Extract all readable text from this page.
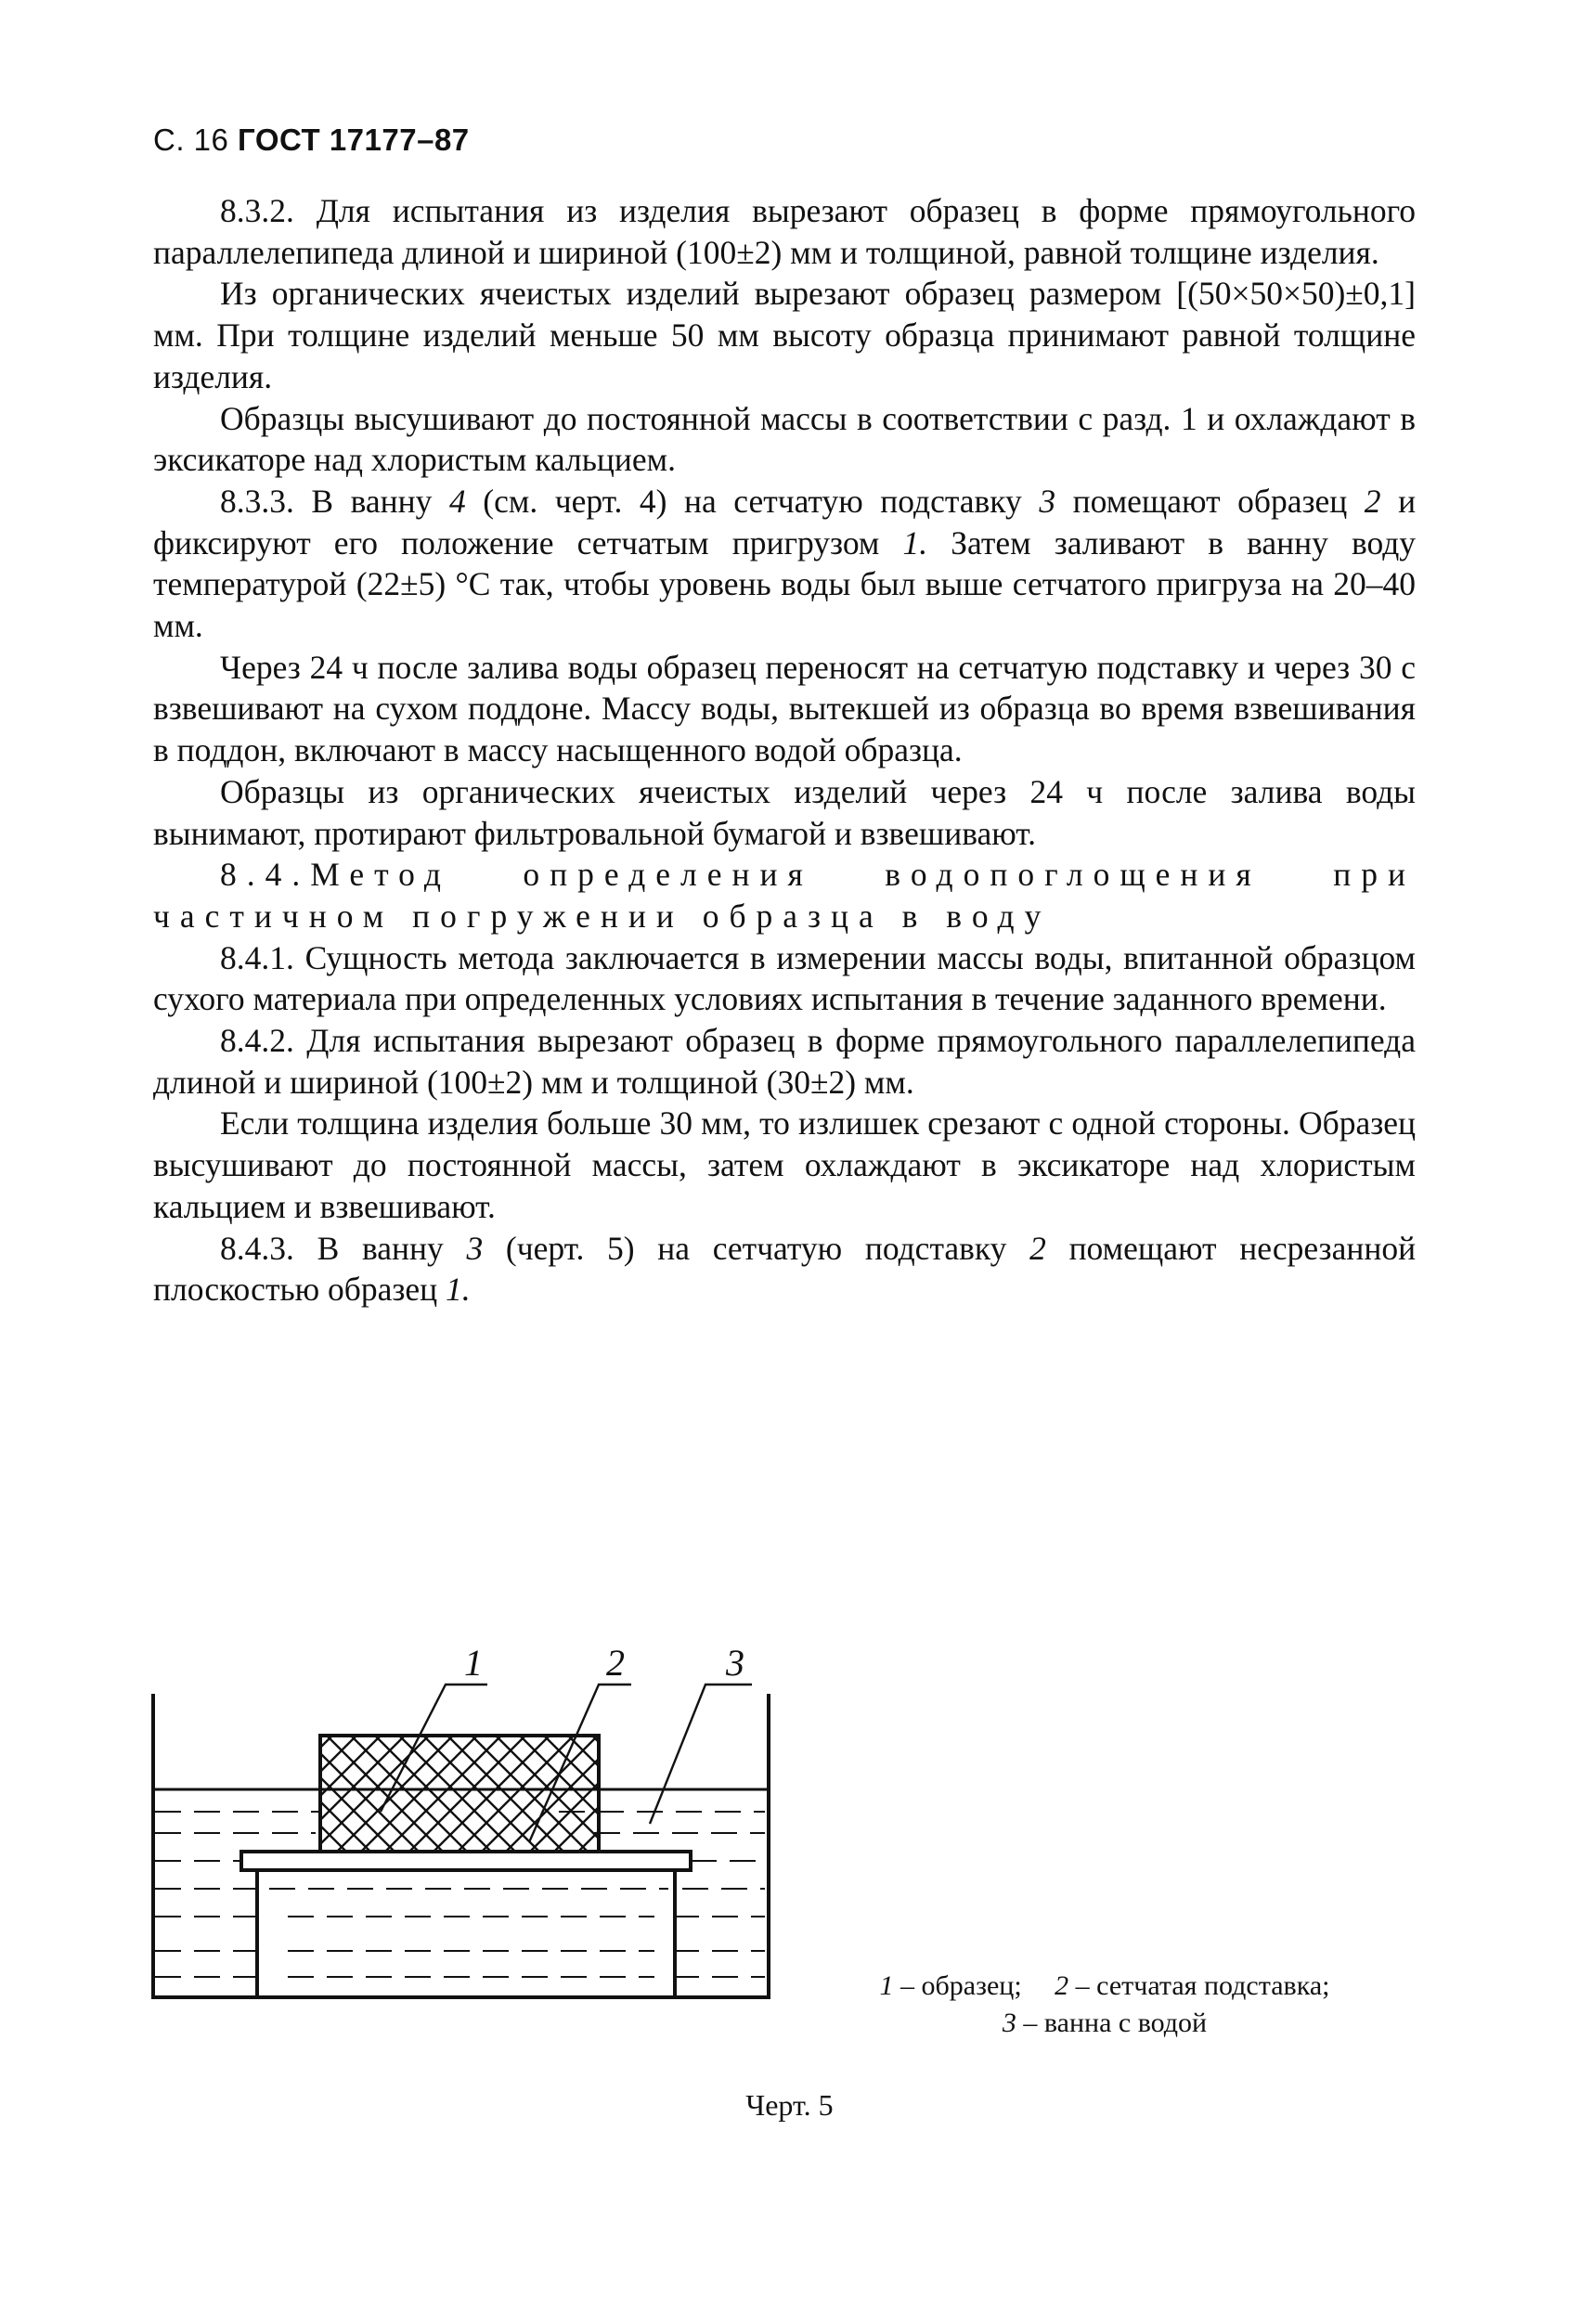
С. 16 ГОСТ 17177–87

8.3.2. Для испытания из изделия вырезают образец в форме прямоугольного параллелепипеда длиной и шириной (100±2) мм и толщиной, равной толщине изделия.

Из органических ячеистых изделий вырезают образец размером [(50×50×50)±0,1] мм. При толщине изделий меньше 50 мм высоту образца принимают равной толщине изделия.

Образцы высушивают до постоянной массы в соответствии с разд. 1 и охлаждают в эксикаторе над хлористым кальцием.

8.3.3. В ванну 4 (см. черт. 4) на сетчатую подставку 3 помещают образец 2 и фиксируют его положение сетчатым пригрузом 1. Затем заливают в ванну воду температурой (22±5) °С так, чтобы уровень воды был выше сетчатого пригруза на 20–40 мм.

Через 24 ч после залива воды образец переносят на сетчатую подставку и через 30 с взвешивают на сухом поддоне. Массу воды, вытекшей из образца во время взвешивания в поддон, включают в массу насыщенного водой образца.

Образцы из органических ячеистых изделий через 24 ч после залива воды вынимают, протирают фильтровальной бумагой и взвешивают.

8.4.Метод определения водопоглощения при частичном погружении образца в воду

8.4.1. Сущность метода заключается в измерении массы воды, впитанной образцом сухого материала при определенных условиях испытания в течение заданного времени.

8.4.2. Для испытания вырезают образец в форме прямоугольного параллелепипеда длиной и шириной (100±2) мм и толщиной (30±2) мм.

Если толщина изделия больше 30 мм, то излишек срезают с одной стороны. Образец высушивают до постоянной массы, затем охлаждают в эксикаторе над хлористым кальцием и взвешивают.

8.4.3. В ванну 3 (черт. 5) на сетчатую подставку 2 помещают несрезанной плоскостью образец 1.

1	2	3
1 – образец; 2 – сетчатая подставка;
3 – ванна с водой
Черт. 5
